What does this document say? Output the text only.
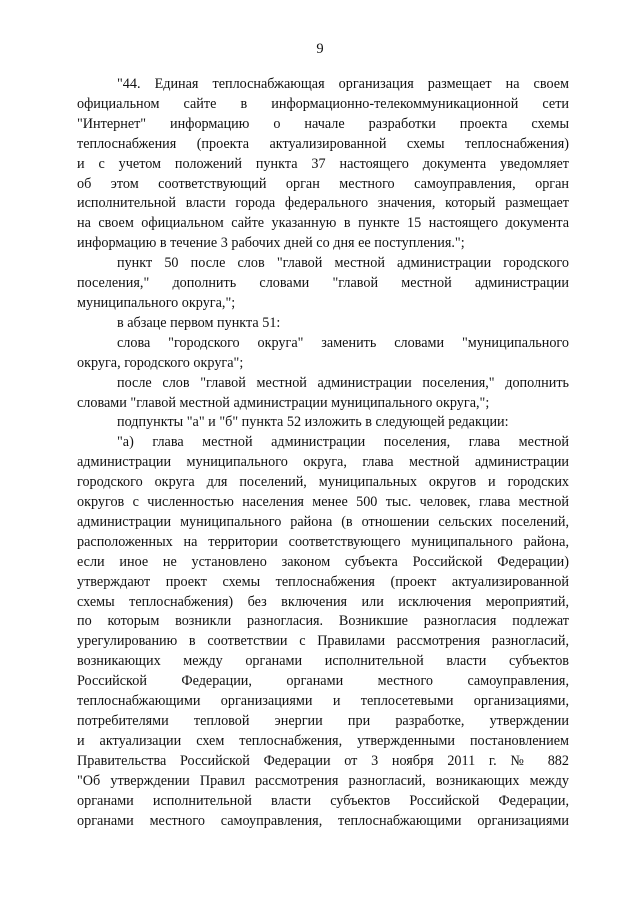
9
"44. Единая теплоснабжающая организация размещает на своем
официальном сайте в информационно-телекоммуникационной сети
"Интернет" информацию о начале разработки проекта схемы
теплоснабжения (проекта актуализированной схемы теплоснабжения)
и с учетом положений пункта 37 настоящего документа уведомляет
об этом соответствующий орган местного самоуправления, орган
исполнительной власти города федерального значения, который размещает
на своем официальном сайте указанную в пункте 15 настоящего документа
информацию в течение 3 рабочих дней со дня ее поступления.";
пункт 50 после слов "главой местной администрации городского
поселения," дополнить словами "главой местной администрации
муниципального округа,";
в абзаце первом пункта 51:
слова "городского округа" заменить словами "муниципального
округа, городского округа";
после слов "главой местной администрации поселения," дополнить
словами "главой местной администрации муниципального округа,";
подпункты "а" и "б" пункта 52 изложить в следующей редакции:
"а) глава местной администрации поселения, глава местной
администрации муниципального округа, глава местной администрации
городского округа для поселений, муниципальных округов и городских
округов с численностью населения менее 500 тыс. человек, глава местной
администрации муниципального района (в отношении сельских поселений,
расположенных на территории соответствующего муниципального района,
если иное не установлено законом субъекта Российской Федерации)
утверждают проект схемы теплоснабжения (проект актуализированной
схемы теплоснабжения) без включения или исключения мероприятий,
по которым возникли разногласия. Возникшие разногласия подлежат
урегулированию в соответствии с Правилами рассмотрения разногласий,
возникающих между органами исполнительной власти субъектов
Российской Федерации, органами местного самоуправления,
теплоснабжающими организациями и теплосетевыми организациями,
потребителями тепловой энергии при разработке, утверждении
и актуализации схем теплоснабжения, утвержденными постановлением
Правительства Российской Федерации от 3 ноября 2011 г. № 882
"Об утверждении Правил рассмотрения разногласий, возникающих между
органами исполнительной власти субъектов Российской Федерации,
органами местного самоуправления, теплоснабжающими организациями
